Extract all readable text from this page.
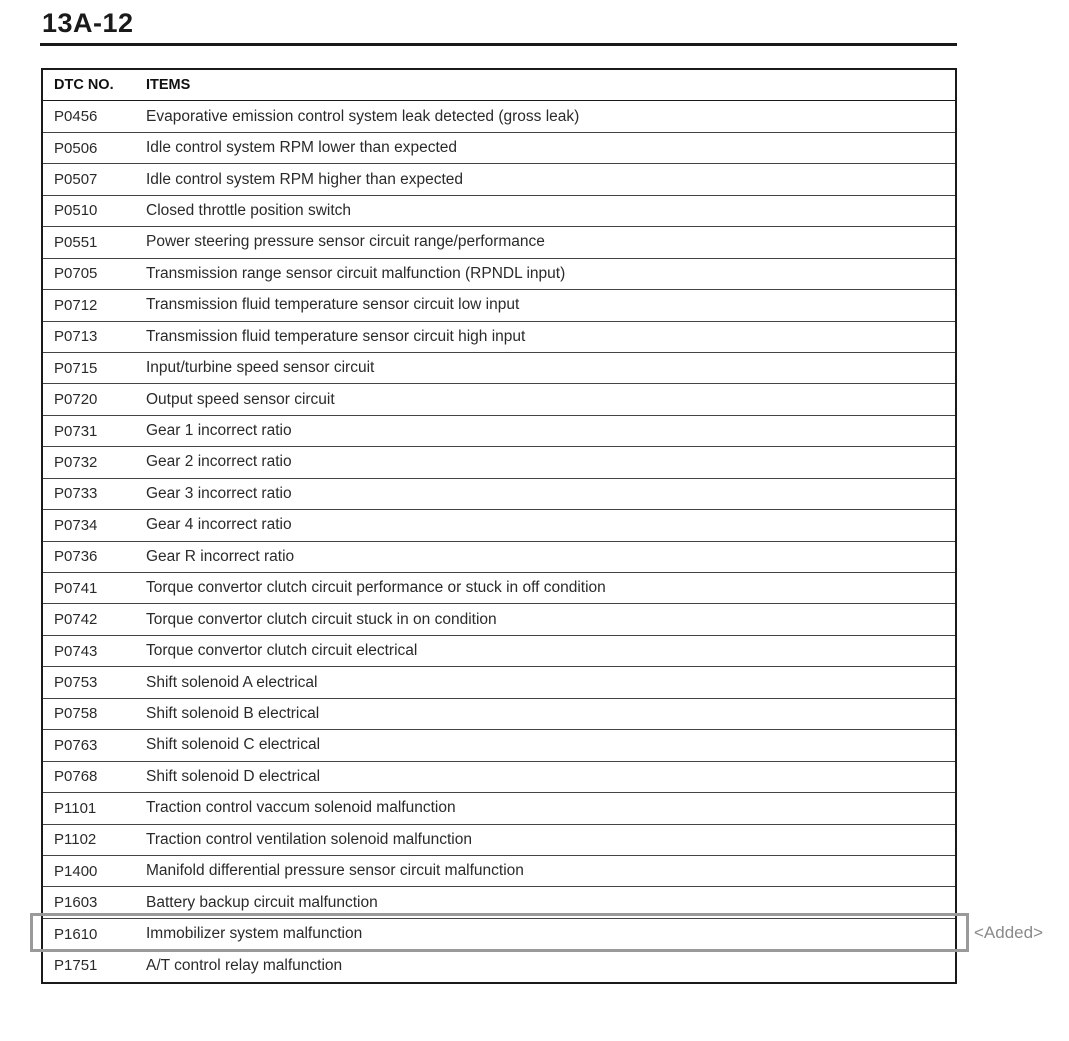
13A-12
DTC NO.	ITEMS
P0456	Evaporative emission control system leak detected (gross leak)
P0506	Idle control system RPM lower than expected
P0507	Idle control system RPM higher than expected
P0510	Closed throttle position switch
P0551	Power steering pressure sensor circuit range/performance
P0705	Transmission range sensor circuit malfunction (RPNDL input)
P0712	Transmission fluid temperature sensor circuit low input
P0713	Transmission fluid temperature sensor circuit high input
P0715	Input/turbine speed sensor circuit
P0720	Output speed sensor circuit
P0731	Gear 1 incorrect ratio
P0732	Gear 2 incorrect ratio
P0733	Gear 3 incorrect ratio
P0734	Gear 4 incorrect ratio
P0736	Gear R incorrect ratio
P0741	Torque convertor clutch circuit performance or stuck in off condition
P0742	Torque convertor clutch circuit stuck in on condition
P0743	Torque convertor clutch circuit electrical
P0753	Shift solenoid A electrical
P0758	Shift solenoid B electrical
P0763	Shift solenoid C electrical
P0768	Shift solenoid D electrical
P1101	Traction control vaccum solenoid malfunction
P1102	Traction control ventilation solenoid malfunction
P1400	Manifold differential pressure sensor circuit malfunction
P1603	Battery backup circuit malfunction
P1610	Immobilizer system malfunction
P1751	A/T control relay malfunction
<Added>
